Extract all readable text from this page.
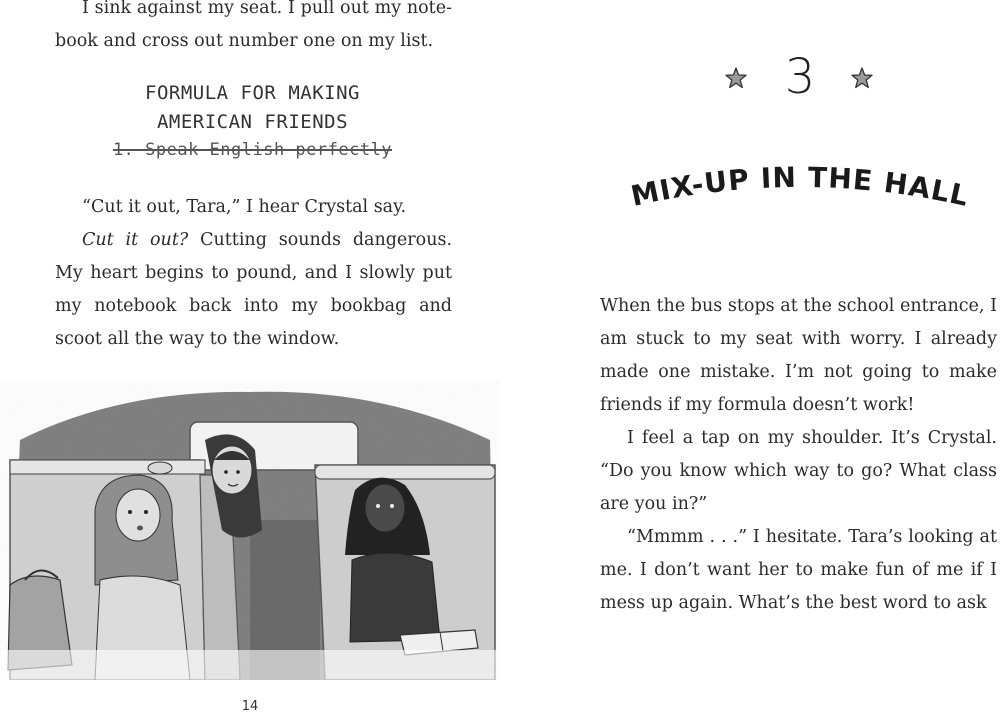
I sink against my seat. I pull out my note-book and cross out number one on my list.

FORMULA FOR MAKING
AMERICAN FRIENDS
1. Speak English perfectly

“Cut it out, Tara,” I hear Crystal say.

Cut it out? Cutting sounds dangerous. My heart begins to pound, and I slowly put my notebook back into my bookbag and scoot all the way to the window.

14
3
MIX-UP IN THE HALL

When the bus stops at the school entrance, I am stuck to my seat with worry. I already made one mistake. I’m not going to make friends if my formula doesn’t work!

I feel a tap on my shoulder. It’s Crystal. “Do you know which way to go? What class are you in?”

“Mmmm . . .” I hesitate. Tara’s looking at me. I don’t want her to make fun of me if I mess up again. What’s the best word to ask
